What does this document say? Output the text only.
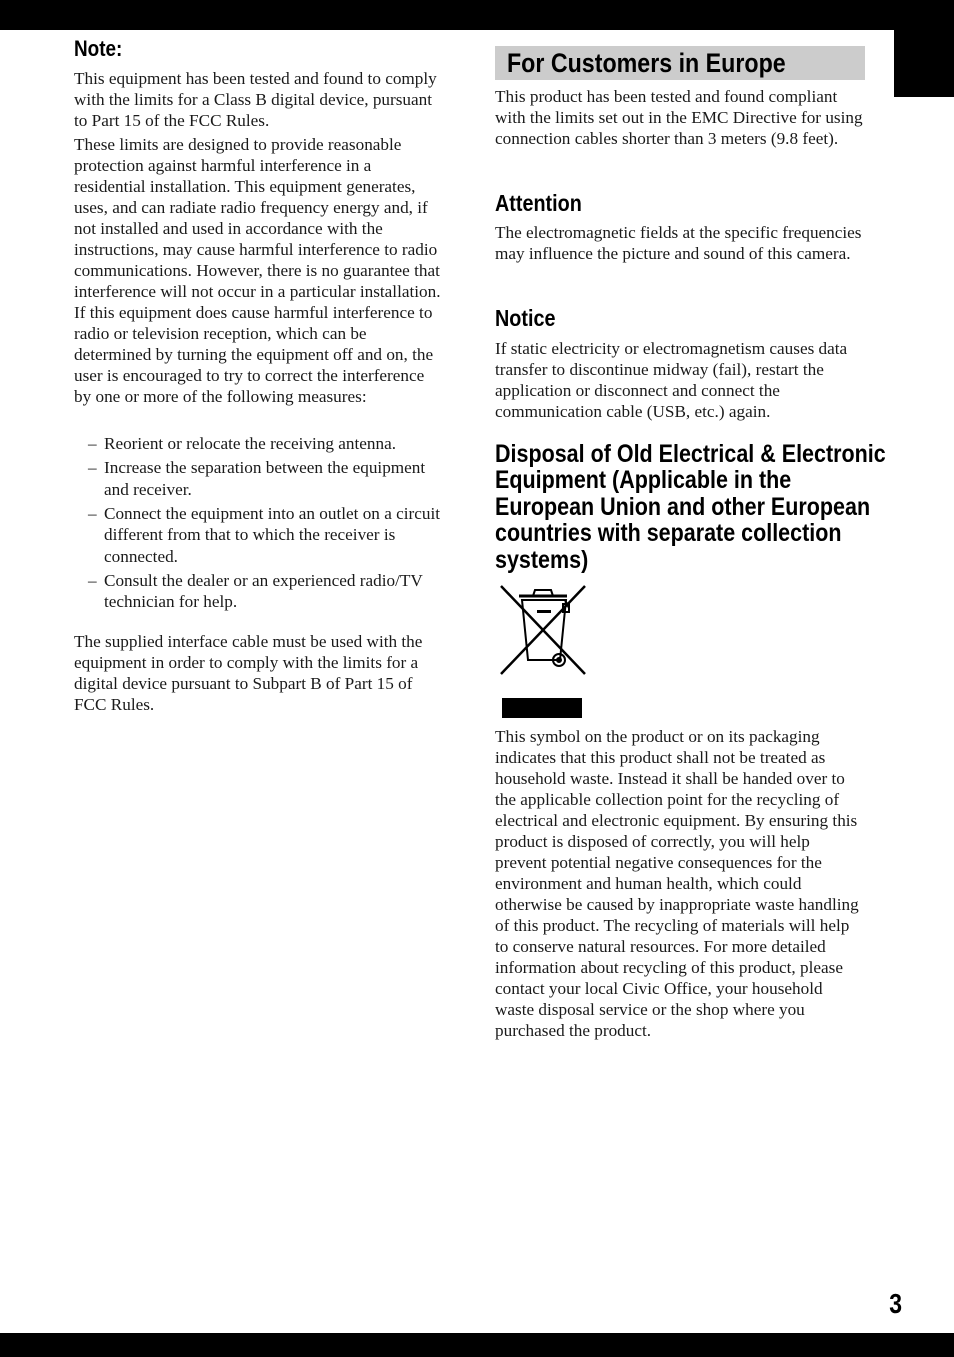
Note:

This equipment has been tested and found to comply with the limits for a Class B digital device, pursuant to Part 15 of the FCC Rules.

These limits are designed to provide reasonable protection against harmful interference in a residential installation. This equipment generates, uses, and can radiate radio frequency energy and, if not installed and used in accordance with the instructions, may cause harmful interference to radio communications. However, there is no guarantee that interference will not occur in a particular installation. If this equipment does cause harmful interference to radio or television reception, which can be determined by turning the equipment off and on, the user is encouraged to try to correct the interference by one or more of the following measures:

– Reorient or relocate the receiving antenna.
– Increase the separation between the equipment and receiver.
– Connect the equipment into an outlet on a circuit different from that to which the receiver is connected.
– Consult the dealer or an experienced radio/TV technician for help.

The supplied interface cable must be used with the equipment in order to comply with the limits for a digital device pursuant to Subpart B of Part 15 of FCC Rules.

For Customers in Europe

This product has been tested and found compliant with the limits set out in the EMC Directive for using connection cables shorter than 3 meters (9.8 feet).

Attention

The electromagnetic fields at the specific frequencies may influence the picture and sound of this camera.

Notice

If static electricity or electromagnetism causes data transfer to discontinue midway (fail), restart the application or disconnect and connect the communication cable (USB, etc.) again.

Disposal of Old Electrical & Electronic
Equipment (Applicable in the
European Union and other European
countries with separate collection
systems)

This symbol on the product or on its packaging indicates that this product shall not be treated as household waste. Instead it shall be handed over to the applicable collection point for the recycling of electrical and electronic equipment. By ensuring this product is disposed of correctly, you will help prevent potential negative consequences for the environment and human health, which could otherwise be caused by inappropriate waste handling of this product. The recycling of materials will help to conserve natural resources. For more detailed information about recycling of this product, please contact your local Civic Office, your household waste disposal service or the shop where you purchased the product.

3
